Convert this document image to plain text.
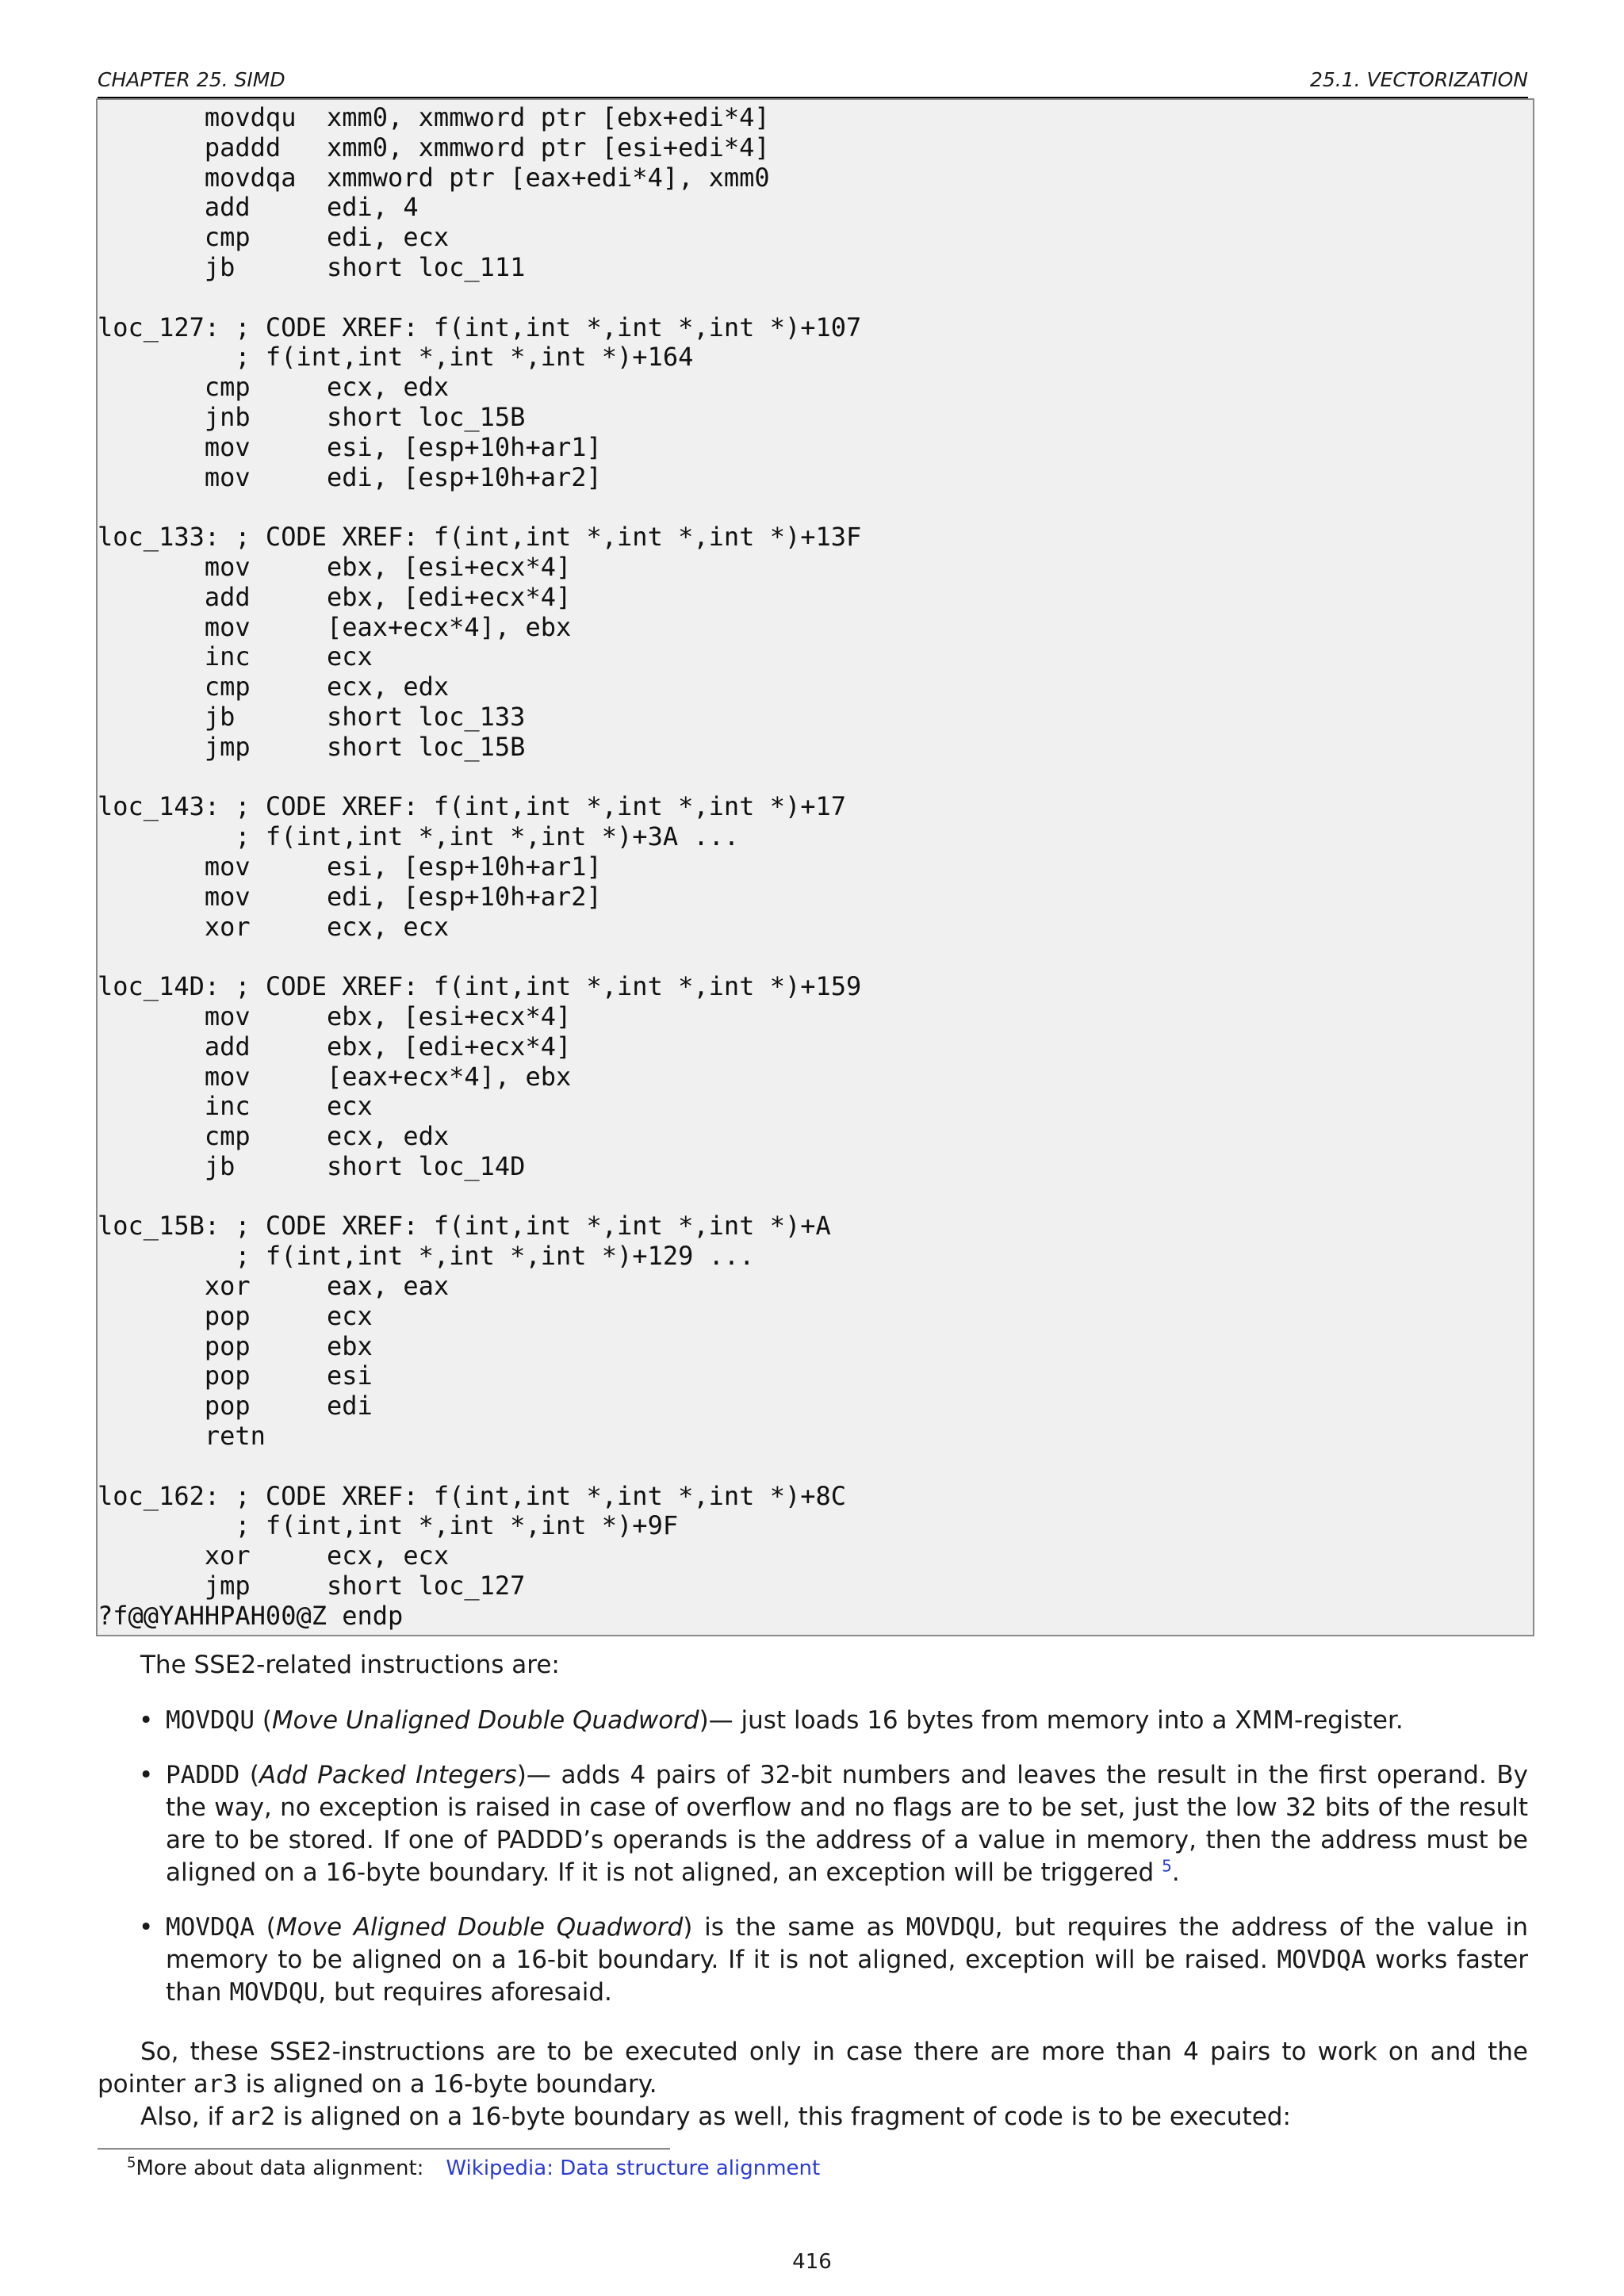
CHAPTER 25. SIMD	25.1. VECTORIZATION
movdqu  xmm0, xmmword ptr [ebx+edi*4]
paddd   xmm0, xmmword ptr [esi+edi*4]
movdqa  xmmword ptr [eax+edi*4], xmm0
add     edi, 4
cmp     edi, ecx
jb      short loc_111

loc_127: ; CODE XREF: f(int,int *,int *,int *)+107
; f(int,int *,int *,int *)+164
cmp     ecx, edx
jnb     short loc_15B
mov     esi, [esp+10h+ar1]
mov     edi, [esp+10h+ar2]

loc_133: ; CODE XREF: f(int,int *,int *,int *)+13F
mov     ebx, [esi+ecx*4]
add     ebx, [edi+ecx*4]
mov     [eax+ecx*4], ebx
inc     ecx
cmp     ecx, edx
jb      short loc_133
jmp     short loc_15B

loc_143: ; CODE XREF: f(int,int *,int *,int *)+17
; f(int,int *,int *,int *)+3A ...
mov     esi, [esp+10h+ar1]
mov     edi, [esp+10h+ar2]
xor     ecx, ecx

loc_14D: ; CODE XREF: f(int,int *,int *,int *)+159
mov     ebx, [esi+ecx*4]
add     ebx, [edi+ecx*4]
mov     [eax+ecx*4], ebx
inc     ecx
cmp     ecx, edx
jb      short loc_14D

loc_15B: ; CODE XREF: f(int,int *,int *,int *)+A
; f(int,int *,int *,int *)+129 ...
xor     eax, eax
pop     ecx
pop     ebx
pop     esi
pop     edi
retn

loc_162: ; CODE XREF: f(int,int *,int *,int *)+8C
; f(int,int *,int *,int *)+9F
xor     ecx, ecx
jmp     short loc_127
?f@@YAHHPAH00@Z endp
The SSE2-related instructions are:
• MOVDQU (Move Unaligned Double Quadword)— just loads 16 bytes from memory into a XMM-register.
• PADDD (Add Packed Integers)— adds 4 pairs of 32-bit numbers and leaves the result in the first operand. By the way, no exception is raised in case of overflow and no flags are to be set, just the low 32 bits of the result are to be stored. If one of PADDD’s operands is the address of a value in memory, then the address must be aligned on a 16-byte boundary. If it is not aligned, an exception will be triggered $^5$.
• MOVDQA (Move Aligned Double Quadword) is the same as MOVDQU, but requires the address of the value in memory to be aligned on a 16-bit boundary. If it is not aligned, exception will be raised. MOVDQA works faster than MOVDQU, but requires aforesaid.
So, these SSE2-instructions are to be executed only in case there are more than 4 pairs to work on and the pointer ar3 is aligned on a 16-byte boundary.
Also, if ar2 is aligned on a 16-byte boundary as well, this fragment of code is to be executed:
$^5$More about data alignment: Wikipedia: Data structure alignment
416
